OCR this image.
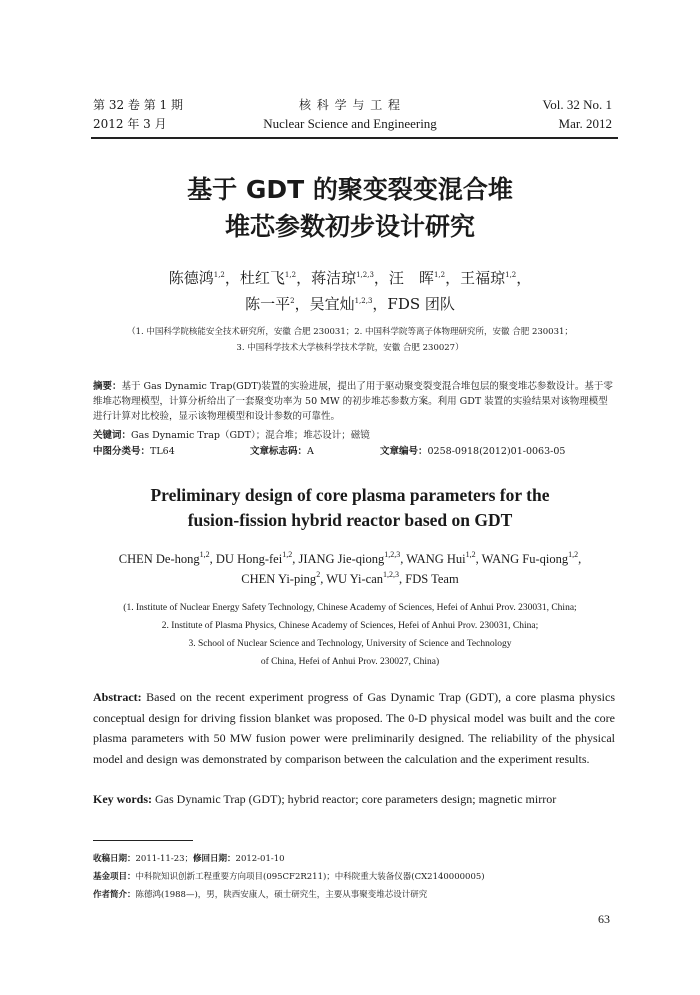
第 32 卷 第 1 期
2012 年 3 月
核 科 学 与 工 程
Nuclear Science and Engineering
Vol. 32 No. 1
Mar. 2012
基于 GDT 的聚变裂变混合堆
堆芯参数初步设计研究
陈德鸿$^{1,2}$，杜红飞$^{1,2}$，蒋洁琼$^{1,2,3}$，汪　晖$^{1,2}$，王福琼$^{1,2}$，
陈一平$^2$，吴宜灿$^{1,2,3}$，FDS 团队
（1. 中国科学院核能安全技术研究所，安徽 合肥 230031；2. 中国科学院等离子体物理研究所，安徽 合肥 230031；
3. 中国科学技术大学核科学技术学院，安徽 合肥 230027）
摘要：基于 Gas Dynamic Trap(GDT)装置的实验进展，提出了用于驱动聚变裂变混合堆包层的聚变堆芯参数设计。基于零维堆芯物理模型，计算分析给出了一套聚变功率为 50 MW 的初步堆芯参数方案。利用 GDT 装置的实验结果对该物理模型进行计算对比校验，显示该物理模型和设计参数的可靠性。
关键词：Gas Dynamic Trap（GDT）；混合堆；堆芯设计；磁镜
中图分类号：TL64	文章标志码：A	文章编号：0258-0918(2012)01-0063-05
Preliminary design of core plasma parameters for the
fusion-fission hybrid reactor based on GDT
CHEN De-hong$^{1,2}$, DU Hong-fei$^{1,2}$, JIANG Jie-qiong$^{1,2,3}$, WANG Hui$^{1,2}$, WANG Fu-qiong$^{1,2}$,
CHEN Yi-ping$^2$, WU Yi-can$^{1,2,3}$, FDS Team
(1. Institute of Nuclear Energy Safety Technology, Chinese Academy of Sciences, Hefei of Anhui Prov. 230031, China;
2. Institute of Plasma Physics, Chinese Academy of Sciences, Hefei of Anhui Prov. 230031, China;
3. School of Nuclear Science and Technology, University of Science and Technology
of China, Hefei of Anhui Prov. 230027, China)
Abstract: Based on the recent experiment progress of Gas Dynamic Trap (GDT), a core plasma physics conceptual design for driving fission blanket was proposed. The 0-D physical model was built and the core plasma parameters with 50 MW fusion power were preliminarily designed. The reliability of the physical model and design was demonstrated by comparison between the calculation and the experiment results.
Key words: Gas Dynamic Trap (GDT); hybrid reactor; core parameters design; magnetic mirror
收稿日期：2011-11-23；修回日期：2012-01-10
基金项目：中科院知识创新工程重要方向项目(095CF2R211)；中科院重大装备仪器(CX2140000005)
作者简介：陈德鸿(1988—)，男，陕西安康人，硕士研究生，主要从事聚变堆芯设计研究
63
